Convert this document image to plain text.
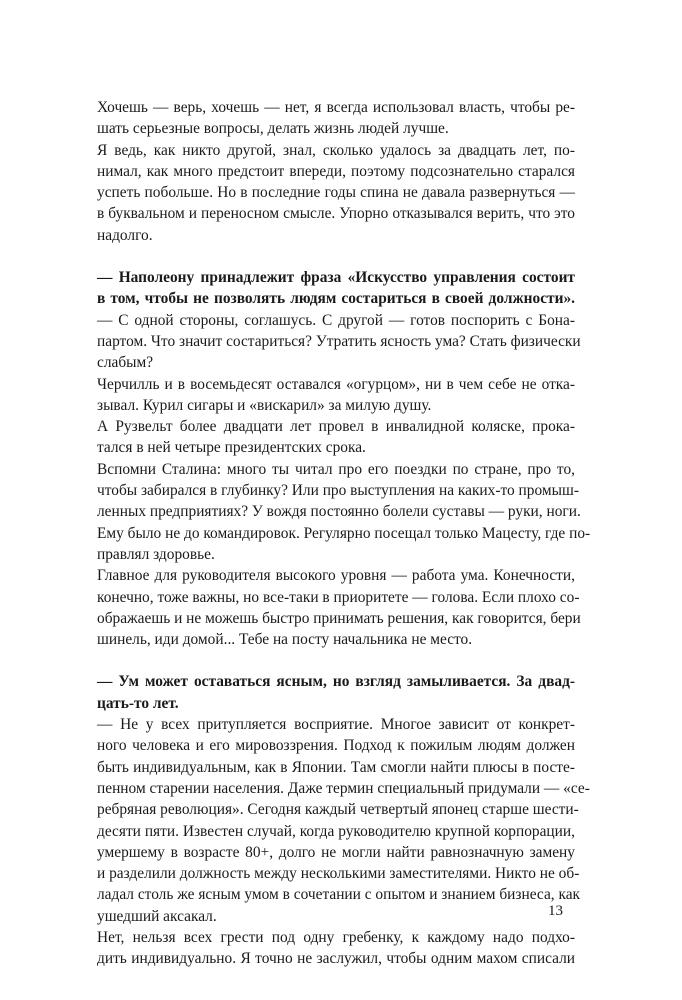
Хочешь — верь, хочешь — нет, я всегда использовал власть, чтобы ре-
шать серьезные вопросы, делать жизнь людей лучше.
Я ведь, как никто другой, знал, сколько удалось за двадцать лет, по-
нимал, как много предстоит впереди, поэтому подсознательно старался
успеть побольше. Но в последние годы спина не давала развернуться —
в буквальном и переносном смысле. Упорно отказывался верить, что это
надолго.
— Наполеону принадлежит фраза «Искусство управления состоит
в том, чтобы не позволять людям состариться в своей должности».
— С одной стороны, соглашусь. С другой — готов поспорить с Бона-
партом. Что значит состариться? Утратить ясность ума? Стать физически
слабым?
Черчилль и в восемьдесят оставался «огурцом», ни в чем себе не отка-
зывал. Курил сигары и «вискарил» за милую душу.
А Рузвельт более двадцати лет провел в инвалидной коляске, прока-
тался в ней четыре президентских срока.
Вспомни Сталина: много ты читал про его поездки по стране, про то,
чтобы забирался в глубинку? Или про выступления на каких-то промыш-
ленных предприятиях? У вождя постоянно болели суставы — руки, ноги.
Ему было не до командировок. Регулярно посещал только Мацесту, где по-
правлял здоровье.
Главное для руководителя высокого уровня — работа ума. Конечности,
конечно, тоже важны, но все-таки в приоритете — голова. Если плохо со-
ображаешь и не можешь быстро принимать решения, как говорится, бери
шинель, иди домой... Тебе на посту начальника не место.
— Ум может оставаться ясным, но взгляд замыливается. За двад-
цать-то лет.
— Не у всех притупляется восприятие. Многое зависит от конкрет-
ного человека и его мировоззрения. Подход к пожилым людям должен
быть индивидуальным, как в Японии. Там смогли найти плюсы в посте-
пенном старении населения. Даже термин специальный придумали — «се-
ребряная революция». Сегодня каждый четвертый японец старше шести-
десяти пяти. Известен случай, когда руководителю крупной корпорации,
умершему в возрасте 80+, долго не могли найти равнозначную замену
и разделили должность между несколькими заместителями. Никто не об-
ладал столь же ясным умом в сочетании с опытом и знанием бизнеса, как
ушедший аксакал.
Нет, нельзя всех грести под одну гребенку, к каждому надо подхо-
дить индивидуально. Я точно не заслужил, чтобы одним махом списали
13
